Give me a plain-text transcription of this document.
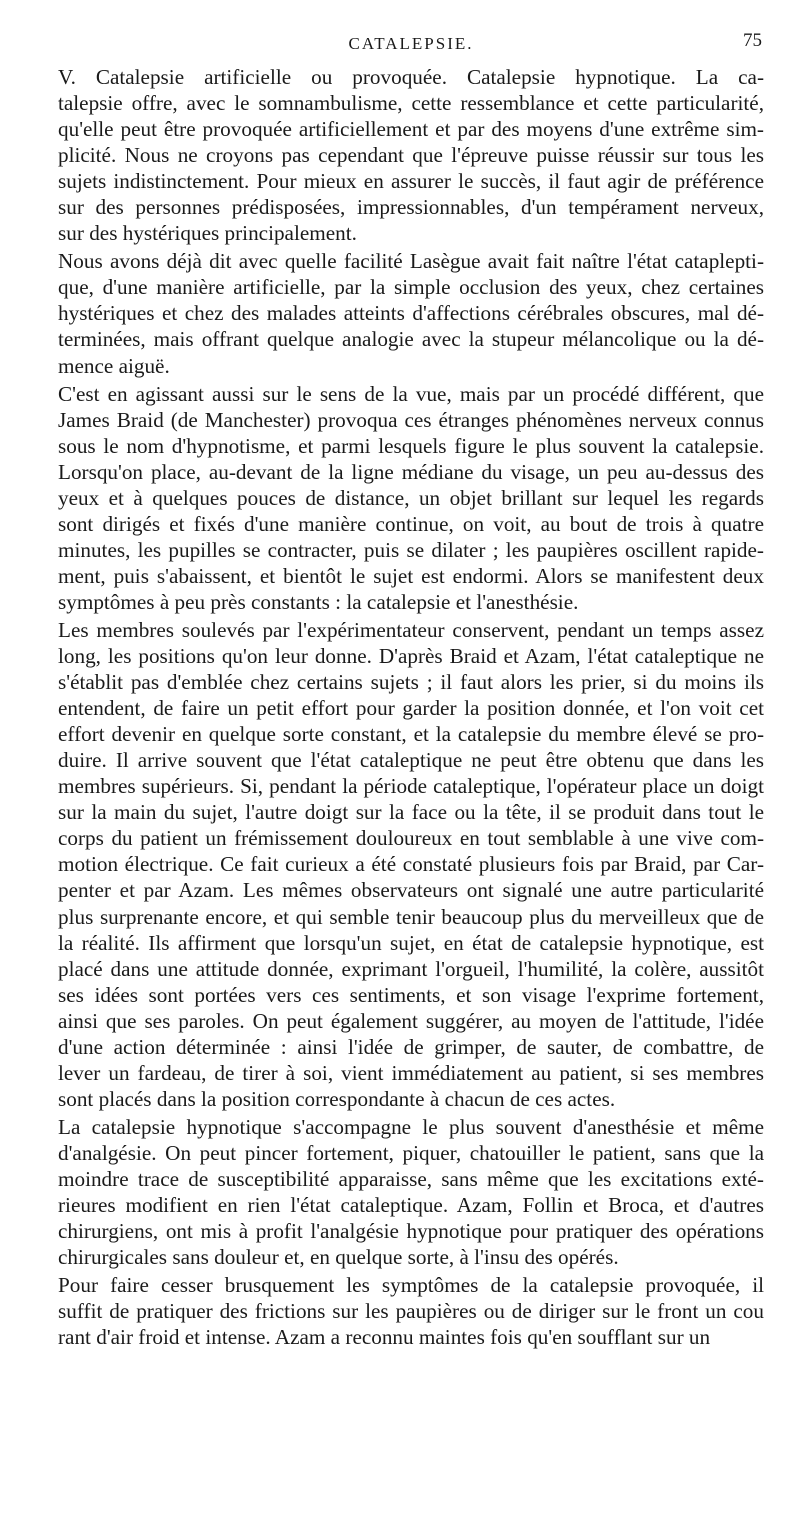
CATALEPSIE.	75
V. Catalepsie artificielle ou provoquée. Catalepsie hypnotique. La ca-
talepsie offre, avec le somnambulisme, cette ressemblance et cette particularité,
qu'elle peut être provoquée artificiellement et par des moyens d'une extrême sim-
plicité. Nous ne croyons pas cependant que l'épreuve puisse réussir sur tous les
sujets indistinctement. Pour mieux en assurer le succès, il faut agir de préférence
sur des personnes prédisposées, impressionnables, d'un tempérament nerveux,
sur des hystériques principalement.
Nous avons déjà dit avec quelle facilité Lasègue avait fait naître l'état cataplepti-
que, d'une manière artificielle, par la simple occlusion des yeux, chez certaines
hystériques et chez des malades atteints d'affections cérébrales obscures, mal dé-
terminées, mais offrant quelque analogie avec la stupeur mélancolique ou la dé-
mence aiguë.
C'est en agissant aussi sur le sens de la vue, mais par un procédé différent, que
James Braid (de Manchester) provoqua ces étranges phénomènes nerveux connus
sous le nom d'hypnotisme, et parmi lesquels figure le plus souvent la catalepsie.
Lorsqu'on place, au-devant de la ligne médiane du visage, un peu au-dessus des
yeux et à quelques pouces de distance, un objet brillant sur lequel les regards
sont dirigés et fixés d'une manière continue, on voit, au bout de trois à quatre
minutes, les pupilles se contracter, puis se dilater ; les paupières oscillent rapide-
ment, puis s'abaissent, et bientôt le sujet est endormi. Alors se manifestent deux
symptômes à peu près constants : la catalepsie et l'anesthésie.
Les membres soulevés par l'expérimentateur conservent, pendant un temps assez
long, les positions qu'on leur donne. D'après Braid et Azam, l'état cataleptique ne
s'établit pas d'emblée chez certains sujets ; il faut alors les prier, si du moins ils
entendent, de faire un petit effort pour garder la position donnée, et l'on voit cet
effort devenir en quelque sorte constant, et la catalepsie du membre élevé se pro-
duire. Il arrive souvent que l'état cataleptique ne peut être obtenu que dans les
membres supérieurs. Si, pendant la période cataleptique, l'opérateur place un doigt
sur la main du sujet, l'autre doigt sur la face ou la tête, il se produit dans tout le
corps du patient un frémissement douloureux en tout semblable à une vive com-
motion électrique. Ce fait curieux a été constaté plusieurs fois par Braid, par Car-
penter et par Azam. Les mêmes observateurs ont signalé une autre particularité
plus surprenante encore, et qui semble tenir beaucoup plus du merveilleux que de
la réalité. Ils affirment que lorsqu'un sujet, en état de catalepsie hypnotique, est
placé dans une attitude donnée, exprimant l'orgueil, l'humilité, la colère, aussitôt
ses idées sont portées vers ces sentiments, et son visage l'exprime fortement,
ainsi que ses paroles. On peut également suggérer, au moyen de l'attitude, l'idée
d'une action déterminée : ainsi l'idée de grimper, de sauter, de combattre, de
lever un fardeau, de tirer à soi, vient immédiatement au patient, si ses membres
sont placés dans la position correspondante à chacun de ces actes.
La catalepsie hypnotique s'accompagne le plus souvent d'anesthésie et même
d'analgésie. On peut pincer fortement, piquer, chatouiller le patient, sans que la
moindre trace de susceptibilité apparaisse, sans même que les excitations exté-
rieures modifient en rien l'état cataleptique. Azam, Follin et Broca, et d'autres
chirurgiens, ont mis à profit l'analgésie hypnotique pour pratiquer des opérations
chirurgicales sans douleur et, en quelque sorte, à l'insu des opérés.
Pour faire cesser brusquement les symptômes de la catalepsie provoquée, il
suffit de pratiquer des frictions sur les paupières ou de diriger sur le front un cou
rant d'air froid et intense. Azam a reconnu maintes fois qu'en soufflant sur un
